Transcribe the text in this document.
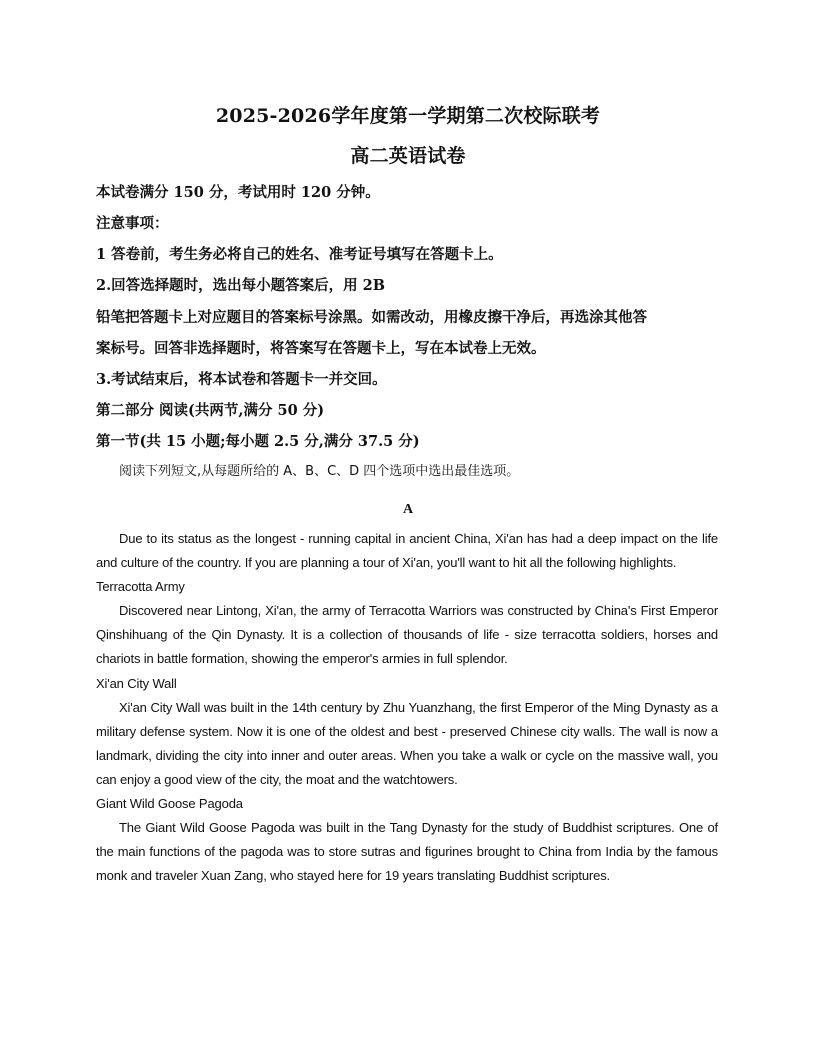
2025-2026学年度第一学期第二次校际联考
高二英语试卷
本试卷满分 150 分，考试用时 120 分钟。
注意事项：
1 答卷前，考生务必将自己的姓名、准考证号填写在答题卡上。
2.回答选择题时，选出每小题答案后，用 2B
铅笔把答题卡上对应题目的答案标号涂黑。如需改动，用橡皮擦干净后，再选涂其他答
案标号。回答非选择题时，将答案写在答题卡上，写在本试卷上无效。
3.考试结束后，将本试卷和答题卡一并交回。
第二部分 阅读(共两节,满分 50 分)
第一节(共 15 小题;每小题 2.5 分,满分 37.5 分)
阅读下列短文,从每题所给的 A、B、C、D 四个选项中选出最佳选项。
A

Due to its status as the longest - running capital in ancient China, Xi'an has had a deep impact on the life and culture of the country. If you are planning a tour of Xi'an, you'll want to hit all the following highlights.

Terracotta Army

Discovered near Lintong, Xi'an, the army of Terracotta Warriors was constructed by China's First Emperor Qinshihuang of the Qin Dynasty. It is a collection of thousands of life - size terracotta soldiers, horses and chariots in battle formation, showing the emperor's armies in full splendor.

Xi'an City Wall

Xi'an City Wall was built in the 14th century by Zhu Yuanzhang, the first Emperor of the Ming Dynasty as a military defense system. Now it is one of the oldest and best - preserved Chinese city walls. The wall is now a landmark, dividing the city into inner and outer areas. When you take a walk or cycle on the massive wall, you can enjoy a good view of the city, the moat and the watchtowers.

Giant Wild Goose Pagoda

The Giant Wild Goose Pagoda was built in the Tang Dynasty for the study of Buddhist scriptures. One of the main functions of the pagoda was to store sutras and figurines brought to China from India by the famous monk and traveler Xuan Zang, who stayed here for 19 years translating Buddhist scriptures.
